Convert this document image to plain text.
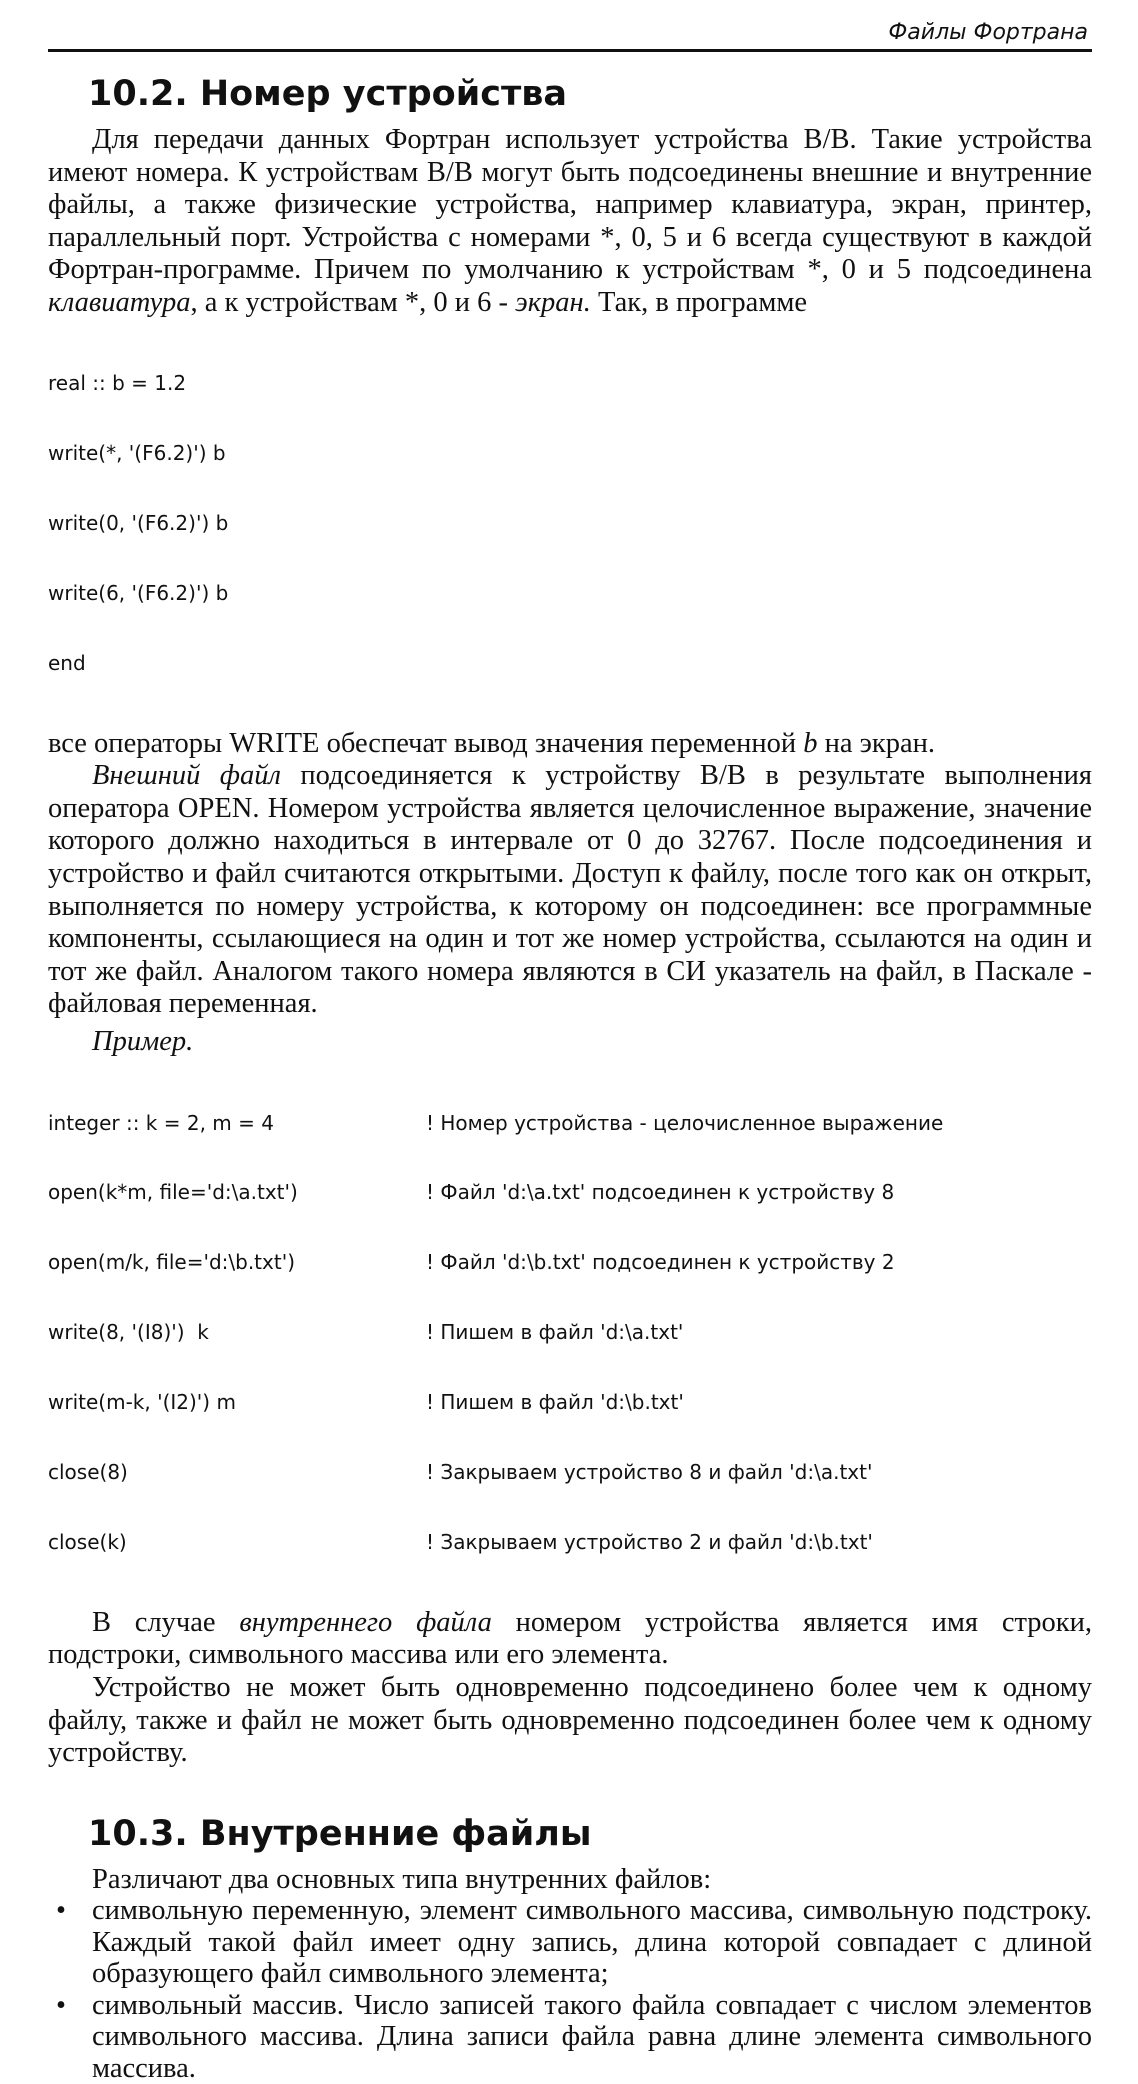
Файлы Фортрана
10.2. Номер устройства

Для передачи данных Фортран использует устройства В/В. Такие устройства имеют номера. К устройствам В/В могут быть подсоединены внешние и внутренние файлы, а также физические устройства, например клавиатура, экран, принтер, параллельный порт. Устройства с номерами *, 0, 5 и 6 всегда существуют в каждой Фортран-программе. Причем по умолчанию к устройствам *, 0 и 5 подсоединена клавиатура, а к устройствам *, 0 и 6 - экран. Так, в программе

real :: b = 1.2

write(*, '(F6.2)') b

write(0, '(F6.2)') b

write(6, '(F6.2)') b

end

все операторы WRITE обеспечат вывод значения переменной b на экран.

Внешний файл подсоединяется к устройству В/В в результате выполнения оператора OPEN. Номером устройства является целочисленное выражение, значение которого должно находиться в интервале от 0 до 32767. После подсоединения и устройство и файл считаются открытыми. Доступ к файлу, после того как он открыт, выполняется по номеру устройства, к которому он подсоединен: все программные компоненты, ссылающиеся на один и тот же номер устройства, ссылаются на один и тот же файл. Аналогом такого номера являются в СИ указатель на файл, в Паскале - файловая переменная.

Пример.

integer :: k = 2, m = 4	! Номер устройства - целочисленное выражение

open(k*m, file='d:\a.txt')	! Файл 'd:\a.txt' подсоединен к устройству 8

open(m/k, file='d:\b.txt')	! Файл 'd:\b.txt' подсоединен к устройству 2

write(8, '(I8)')  k	! Пишем в файл 'd:\a.txt'

write(m-k, '(I2)') m	! Пишем в файл 'd:\b.txt'

close(8)	! Закрываем устройство 8 и файл 'd:\a.txt'

close(k)	! Закрываем устройство 2 и файл 'd:\b.txt'

В случае внутреннего файла номером устройства является имя строки, подстроки, символьного массива или его элемента.

Устройство не может быть одновременно подсоединено более чем к одному файлу, также и файл не может быть одновременно подсоединен более чем к одному устройству.

10.3. Внутренние файлы

Различают два основных типа внутренних файлов:

• символьную переменную, элемент символьного массива, символьную подстроку. Каждый такой файл имеет одну запись, длина которой совпадает с длиной образующего файл символьного элемента;
• символьный массив. Число записей такого файла совпадает с числом элементов символьного массива. Длина записи файла равна длине элемента символьного массива.
